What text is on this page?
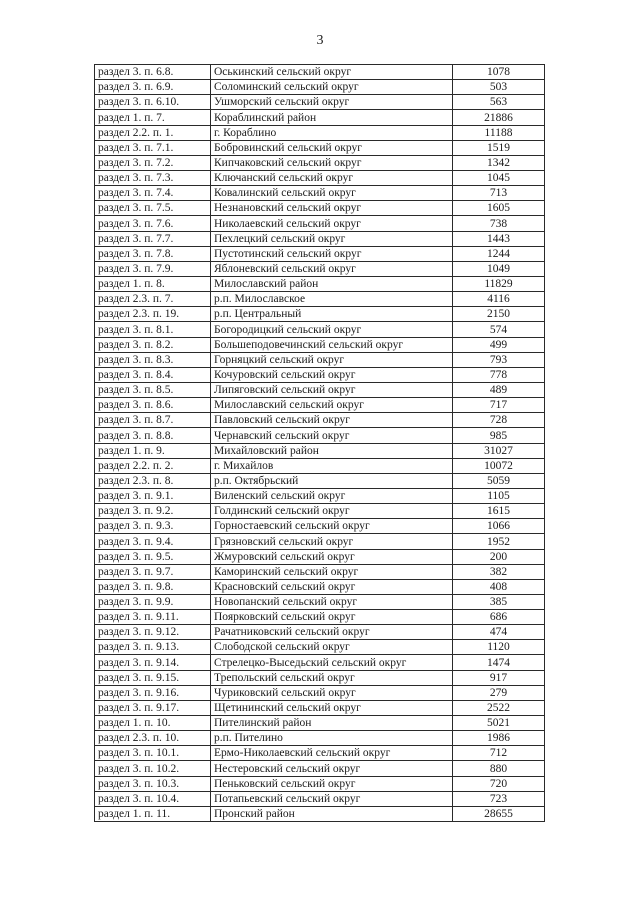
3
раздел 3. п. 6.8.	Оськинский сельский округ	1078
раздел 3. п. 6.9.	Соломинский сельский округ	503
раздел 3. п. 6.10.	Ушморский сельский округ	563
раздел 1. п. 7.	Кораблинский район	21886
раздел 2.2. п. 1.	г. Кораблино	11188
раздел 3. п. 7.1.	Бобровинский сельский округ	1519
раздел 3. п. 7.2.	Кипчаковский сельский округ	1342
раздел 3. п. 7.3.	Ключанский сельский округ	1045
раздел 3. п. 7.4.	Ковалинский сельский округ	713
раздел 3. п. 7.5.	Незнановский сельский округ	1605
раздел 3. п. 7.6.	Николаевский сельский округ	738
раздел 3. п. 7.7.	Пехлецкий сельский округ	1443
раздел 3. п. 7.8.	Пустотинский сельский округ	1244
раздел 3. п. 7.9.	Яблоневский сельский округ	1049
раздел 1. п. 8.	Милославский район	11829
раздел 2.3. п. 7.	р.п. Милославское	4116
раздел 2.3. п. 19.	р.п. Центральный	2150
раздел 3. п. 8.1.	Богородицкий сельский округ	574
раздел 3. п. 8.2.	Большеподовечинский сельский округ	499
раздел 3. п. 8.3.	Горняцкий сельский округ	793
раздел 3. п. 8.4.	Кочуровский сельский округ	778
раздел 3. п. 8.5.	Липяговский сельский округ	489
раздел 3. п. 8.6.	Милославский сельский округ	717
раздел 3. п. 8.7.	Павловский сельский округ	728
раздел 3. п. 8.8.	Чернавский сельский округ	985
раздел 1. п. 9.	Михайловский район	31027
раздел 2.2. п. 2.	г. Михайлов	10072
раздел 2.3. п. 8.	р.п. Октябрьский	5059
раздел 3. п. 9.1.	Виленский сельский округ	1105
раздел 3. п. 9.2.	Голдинский сельский округ	1615
раздел 3. п. 9.3.	Горностаевский сельский округ	1066
раздел 3. п. 9.4.	Грязновский сельский округ	1952
раздел 3. п. 9.5.	Жмуровский сельский округ	200
раздел 3. п. 9.7.	Каморинский сельский округ	382
раздел 3. п. 9.8.	Красновский сельский округ	408
раздел 3. п. 9.9.	Новопанский сельский округ	385
раздел 3. п. 9.11.	Поярковский сельский округ	686
раздел 3. п. 9.12.	Рачатниковский сельский округ	474
раздел 3. п. 9.13.	Слободской сельский округ	1120
раздел 3. п. 9.14.	Стрелецко-Выседьский сельский округ	1474
раздел 3. п. 9.15.	Трепольский сельский округ	917
раздел 3. п. 9.16.	Чуриковский сельский округ	279
раздел 3. п. 9.17.	Щетининский сельский округ	2522
раздел 1. п. 10.	Пителинский район	5021
раздел 2.3. п. 10.	р.п. Пителино	1986
раздел 3. п. 10.1.	Ермо-Николаевский сельский округ	712
раздел 3. п. 10.2.	Нестеровский сельский округ	880
раздел 3. п. 10.3.	Пеньковский сельский округ	720
раздел 3. п. 10.4.	Потапьевский сельский округ	723
раздел 1. п. 11.	Пронский район	28655
